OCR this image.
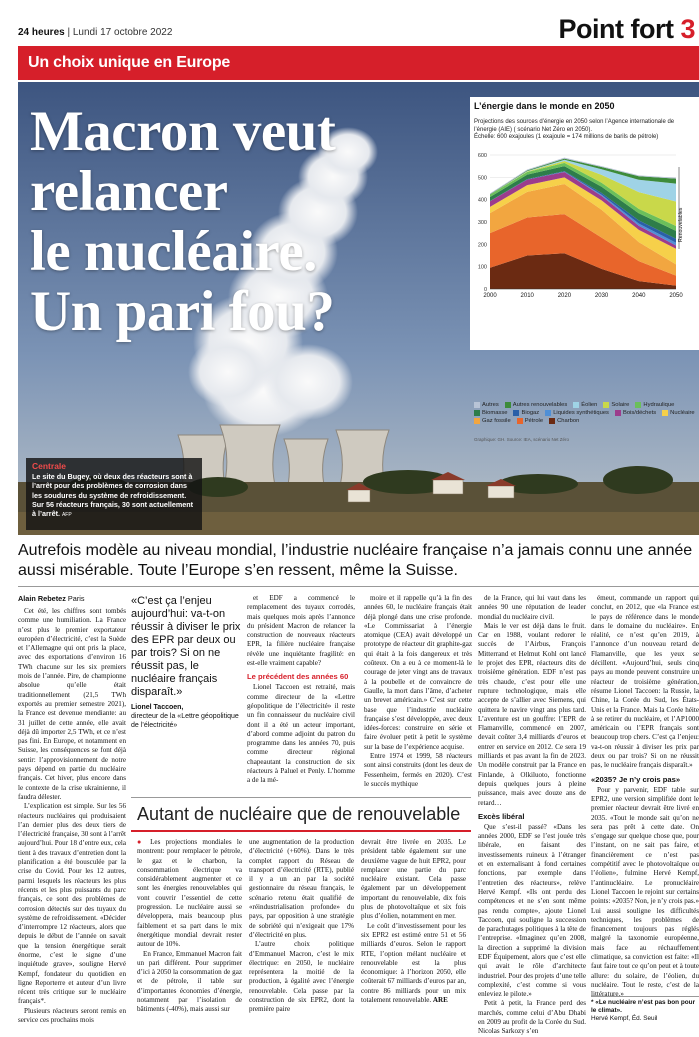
24 heures | Lundi 17 octobre 2022	Point fort 3
Un choix unique en Europe
Macron veut
relancer
le nucléaire.
Un pari fou?
Centrale
Le site du Bugey, où deux des réacteurs sont à l’arrêt pour des problèmes de corrosion dans les soudures du système de refroidissement. Sur 56 réacteurs français, 30 sont actuellement à l’arrêt. AFP
L’énergie dans le monde en 2050
Projections des sources d’énergie en 2050 selon l’Agence internationale de l’énergie (AIE) ( scénario Net Zéro en 2050).
Échelle: 600 exajoules (1 exajoule = 174 millions de barils de pétrole)
0
100
200
300
400
500
600
2000	2010	2020	2030	2040	2050
Renouvelables
Autres Autres renouvelables Éolien Solaire Hydraulique
Biomasse Biogaz Liquides synthétiques Bois/déchets Nucléaire
Gaz fossile Pétrole Charbon
Graphique: GH. Source: IEA, scénario Net Zéro
Autrefois modèle au niveau mondial, l’industrie nucléaire française n’a jamais connu une année aussi misérable. Toute l’Europe s’en ressent, même la Suisse.
Alain Rebetez Paris

Cet été, les chiffres sont tombés comme une humiliation. La France n’est plus le premier exportateur européen d’électricité, c’est la Suède et l’Allemagne qui ont pris la place, avec des exportations d’environ 16 TWh chacune sur les six premiers mois de l’année. Pire, de championne absolue qu’elle était traditionnellement (21,5 TWh exportés au premier semestre 2021), la France est devenue mendiante: au 31 juillet de cette année, elle avait déjà dû importer 2,5 TWh, et ce n’est pas fini. En Europe, et notamment en Suisse, les conséquences se font déjà sentir: l’approvisionnement de notre pays dépend en partie du nucléaire français. Cet hiver, plus encore dans le contexte de la crise ukrainienne, il faudra délester.

L’explication est simple. Sur les 56 réacteurs nucléaires qui produisaient l’an dernier plus des deux tiers de l’électricité française, 30 sont à l’arrêt aujourd’hui. Pour 18 d’entre eux, cela tient à des travaux d’entretien dont la planification a été bousculée par la crise du Covid. Pour les 12 autres, parmi lesquels les réacteurs les plus récents et les plus puissants du parc français, ce sont des problèmes de corrosion détectés sur des tuyaux du système de refroidissement. «Décider d’interrompre 12 réacteurs, alors que depuis le début de l’année on savait que la tension énergétique serait énorme, c’est le signe d’une inquiétude grave», souligne Hervé Kempf, fondateur du quotidien en ligne Reporterre et auteur d’un livre récent très critique sur le nucléaire français*.

Plusieurs réacteurs seront remis en service ces prochains mois

«C’est ça l’enjeu aujourd’hui: va-t-on réussir à diviser le prix des EPR par deux ou par trois? Si on ne réussit pas, le nucléaire français disparaît.»
Lionel Taccoen,
directeur de la «Lettre géopolitique de l’électricité»

et EDF a commencé le remplacement des tuyaux corrodés, mais quelques mois après l’annonce du président Macron de relancer la construction de nouveaux réacteurs EPR, la filière nucléaire française révèle une inquiétante fragilité: en est-elle vraiment capable?

Le précédent des années 60

Lionel Taccoen est retraité, mais comme directeur de la «Lettre géopolitique de l’électricité» il reste un fin connaisseur du nucléaire civil dont il a été un acteur important, d’abord comme adjoint du patron du programme dans les années 70, puis comme directeur régional chapeautant la construction de six réacteurs à Paluel et Penly. L’homme a de la mé-

moire et il rappelle qu’à la fin des années 60, le nucléaire français était déjà plongé dans une crise profonde. «Le Commissariat à l’énergie atomique (CEA) avait développé un prototype de réacteur dit graphite-gaz qui était à la fois dangereux et très coûteux. On a eu à ce moment-là le courage de jeter vingt ans de travaux à la poubelle et de convaincre de Gaulle, la mort dans l’âme, d’acheter un brevet américain.» C’est sur cette base que l’industrie nucléaire française s’est développée, avec deux idées-forces: construire en série et faire évoluer petit à petit le système sur la base de l’expérience acquise.

Entre 1974 et 1999, 58 réacteurs sont ainsi construits (dont les deux de Fessenheim, fermés en 2020). C’est le succès mythique

de la France, qui lui vaut dans les années 90 une réputation de leader mondial du nucléaire civil.

Mais le ver est déjà dans le fruit. Car en 1988, voulant redorer le succès de l’Airbus, François Mitterrand et Helmut Kohl ont lancé le projet des EPR, réacteurs dits de troisième génération. EDF n’est pas très chaude, c’est pour elle une rupture technologique, mais elle accepte de s’allier avec Siemens, qui quittera le navire vingt ans plus tard. L’aventure est un gouffre: l’EPR de Flamanville, commencé en 2007, devait coûter 3,4 milliards d’euros et entrer en service en 2012. Ce sera 19 milliards et pas avant la fin de 2023. Un modèle construit par la France en Finlande, à Olkiluoto, fonctionne depuis quelques jours à pleine puissance, mais avec douze ans de retard…

Excès libéral

Que s’est-il passé? «Dans les années 2000, EDF se l’est jouée très libérale, en faisant des investissements ruineux à l’étranger et en externalisant à fond certaines fonctions, par exemple dans l’entretien des réacteurs», relève Hervé Kempf. «Ils ont perdu des compétences et ne s’en sont même pas rendu compte», ajoute Lionel Taccoen, qui souligne la succession de parachutages politiques à la tête de l’entreprise. «Imaginez qu’en 2008, la direction a supprimé la division EDF Équipement, alors que c’est elle qui avait le rôle d’architecte industriel. Pour des projets d’une telle complexité, c’est comme si vous enleviez le pilote.»

Petit à petit, la France perd des marchés, comme celui d’Abu Dhabi en 2009 au profit de la Corée du Sud. Nicolas Sarkozy s’en

émeut, commande un rapport qui conclut, en 2012, que «la France est le pays de référence dans le monde dans le domaine du nucléaire». En réalité, ce n’est qu’en 2019, à l’annonce d’un nouveau retard de Flamanville, que les yeux se décillent. «Aujourd’hui, seuls cinq pays au monde peuvent construire un réacteur de troisième génération, résume Lionel Taccoen: la Russie, la Chine, la Corée du Sud, les États-Unis et la France. Mais la Corée héite à se retirer du nucléaire, et l’AP1000 américain ou l’EPR français sont beaucoup trop chers. C’est ça l’enjeu: va-t-on réussir à diviser les prix par deux ou par trois? Si on ne réussit pas, le nucléaire français disparaît.»

«2035? Je n’y crois pas»

Pour y parvenir, EDF table sur EPR2, une version simplifiée dont le premier réacteur devrait être livré en 2035. «Tout le monde sait qu’on ne sera pas prêt à cette date. On s’engage sur quelque chose que, pour l’instant, on ne sait pas faire, et financièrement ce n’est pas compétitif avec le photovoltaïque ou l’éolien», fulmine Hervé Kempf, l’antinucléaire. Le pronucléaire Lionel Taccoen le rejoint sur certains points: «2035? Non, je n’y crois pas.» Lui aussi souligne les difficultés techniques, les problèmes de financement toujours pas réglés malgré la taxonomie européenne, mais face au réchauffement climatique, sa conviction est faite: «Il faut faire tout ce qu’on peut et à toute allure: du solaire, de l’éolien, du nucléaire. Tout le reste, c’est de la littérature.»

* «Le nucléaire n’est pas bon pour le climat».
Hervé Kempf, Éd. Seuil
Autant de nucléaire que de renouvelable

● Les projections mondiales le montrent: pour remplacer le pétrole, le gaz et le charbon, la consommation électrique va considérablement augmenter et ce sont les énergies renouvelables qui vont couvrir l’essentiel de cette progression. Le nucléaire aussi se développera, mais beaucoup plus faiblement et sa part dans le mix énergétique mondial devrait rester autour de 10%.

En France, Emmanuel Macron fait un pari différent. Pour supprimer d’ici à 2050 la consommation de gaz et de pétrole, il table sur d’importantes économies d’énergie, notamment par l’isolation de bâtiments (-40%), mais aussi sur

une augmentation de la production d’électricité (+60%). Dans le très complet rapport du Réseau de transport d’électricité (RTE), publié il y a un an par la société gestionnaire du réseau français, le scénario retenu était qualifié de «réindustrialisation profonde» du pays, par opposition à une stratégie de sobriété qui n’exigeait que 17% d’électricité en plus.

L’autre choix politique d’Emmanuel Macron, c’est le mix électrique: en 2050, le nucléaire représentera la moitié de la production, à égalité avec l’énergie renouvelable. Cela passe par la construction de six EPR2, dont la première paire

devrait être livrée en 2035. Le président table également sur une deuxième vague de huit EPR2, pour remplacer une partie du parc nucléaire existant. Cela passe également par un développement important du renouvelable, dix fois plus de photovoltaïque et six fois plus d’éolien, notamment en mer.

Le coût d’investissement pour les six EPR2 est estimé entre 51 et 56 milliards d’euros. Selon le rapport RTE, l’option mélant nucléaire et renouvelable est la plus économique: à l’horizon 2050, elle coûterait 67 milliards d’euros par an, contre 86 milliards pour un mix totalement renouvelable. ARE
